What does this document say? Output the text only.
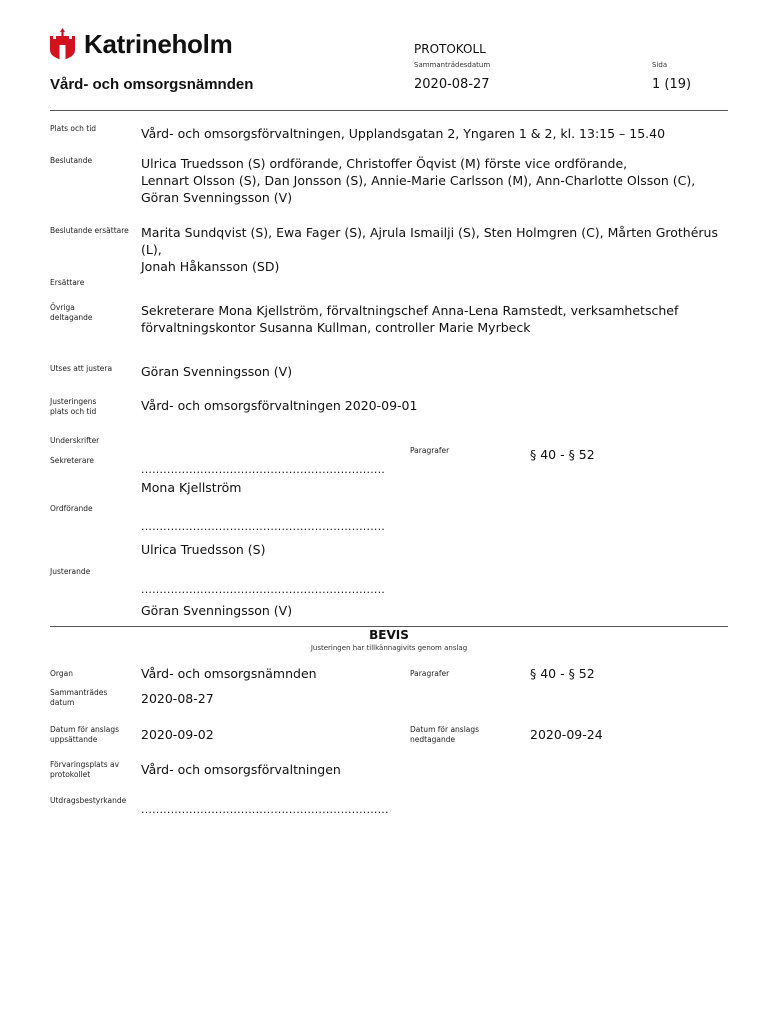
Katrineholm	PROTOKOLL
Sammanträdesdatum	Sida
Vård- och omsorgsnämnden	2020-08-27	1 (19)
Plats och tid	Vård- och omsorgsförvaltningen, Upplandsgatan 2, Yngaren 1 & 2, kl. 13:15 – 15.40
Beslutande	Ulrica Truedsson (S) ordförande, Christoffer Öqvist (M) förste vice ordförande,
Lennart Olsson (S), Dan Jonsson (S), Annie-Marie Carlsson (M), Ann-Charlotte Olsson (C),
Göran Svenningsson (V)
Beslutande ersättare Marita Sundqvist (S), Ewa Fager (S), Ajrula Ismailji (S), Sten Holmgren (C), Mårten Grothérus (L),
Jonah Håkansson (SD)
Ersättare
Övriga
deltagande	Sekreterare Mona Kjellström, förvaltningschef Anna-Lena Ramstedt, verksamhetschef
förvaltningskontor Susanna Kullman, controller Marie Myrbeck
Utses att justera	Göran Svenningsson (V)
Justeringens
plats och tid	Vård- och omsorgsförvaltningen 2020-09-01
Underskrifter
Paragrafer	§ 40 - § 52
Sekreterare
..................................................................
Mona Kjellström
Ordförande
..................................................................
Ulrica Truedsson (S)
Justerande
..................................................................
Göran Svenningsson (V)
BEVIS
Justeringen har tillkännagivits genom anslag
Organ	Vård- och omsorgsnämnden	Paragrafer	§ 40 - § 52
Sammanträdes
datum	2020-08-27
Datum för anslags
uppsättande	2020-09-02	Datum för anslags
nedtagande	2020-09-24
Förvaringsplats av
protokollet	Vård- och omsorgsförvaltningen
Utdragsbestyrkande
...................................................................
